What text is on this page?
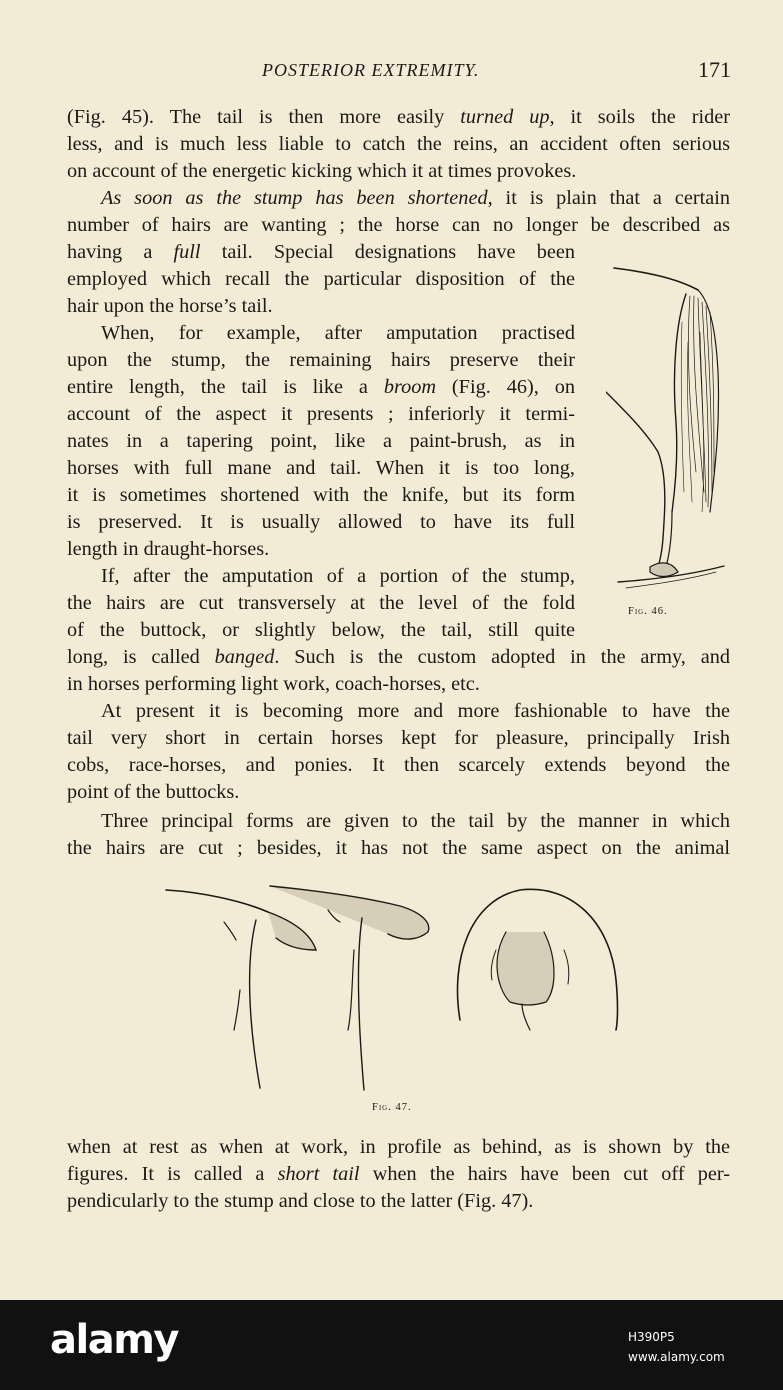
POSTERIOR EXTREMITY.	171
(Fig. 45). The tail is then more easily turned up, it soils the rider
less, and is much less liable to catch the reins, an accident often serious
on account of the energetic kicking which it at times provokes.
As soon as the stump has been shortened, it is plain that a certain
number of hairs are wanting ; the horse can no longer be described as
having a full tail. Special designations have been
employed which recall the particular disposition of the
hair upon the horse’s tail.
When, for example, after amputation practised
upon the stump, the remaining hairs preserve their
entire length, the tail is like a broom (Fig. 46), on
account of the aspect it presents ; inferiorly it termi-
nates in a tapering point, like a paint-brush, as in
horses with full mane and tail. When it is too long,
it is sometimes shortened with the knife, but its form
is preserved. It is usually allowed to have its full
length in draught-horses.
If, after the amputation of a portion of the stump,
the hairs are cut transversely at the level of the fold
of the buttock, or slightly below, the tail, still quite
long, is called banged. Such is the custom adopted in the army, and
in horses performing light work, coach-horses, etc.
At present it is becoming more and more fashionable to have the
tail very short in certain horses kept for pleasure, principally Irish
cobs, race-horses, and ponies. It then scarcely extends beyond the
point of the buttocks.
Three principal forms are given to the tail by the manner in which
the hairs are cut ; besides, it has not the same aspect on the animal
when at rest as when at work, in profile as behind, as is shown by the
figures. It is called a short tail when the hairs have been cut off per-
pendicularly to the stump and close to the latter (Fig. 47).
Fig. 46.
Fig. 47.
alamy	H390P5
www.alamy.com
